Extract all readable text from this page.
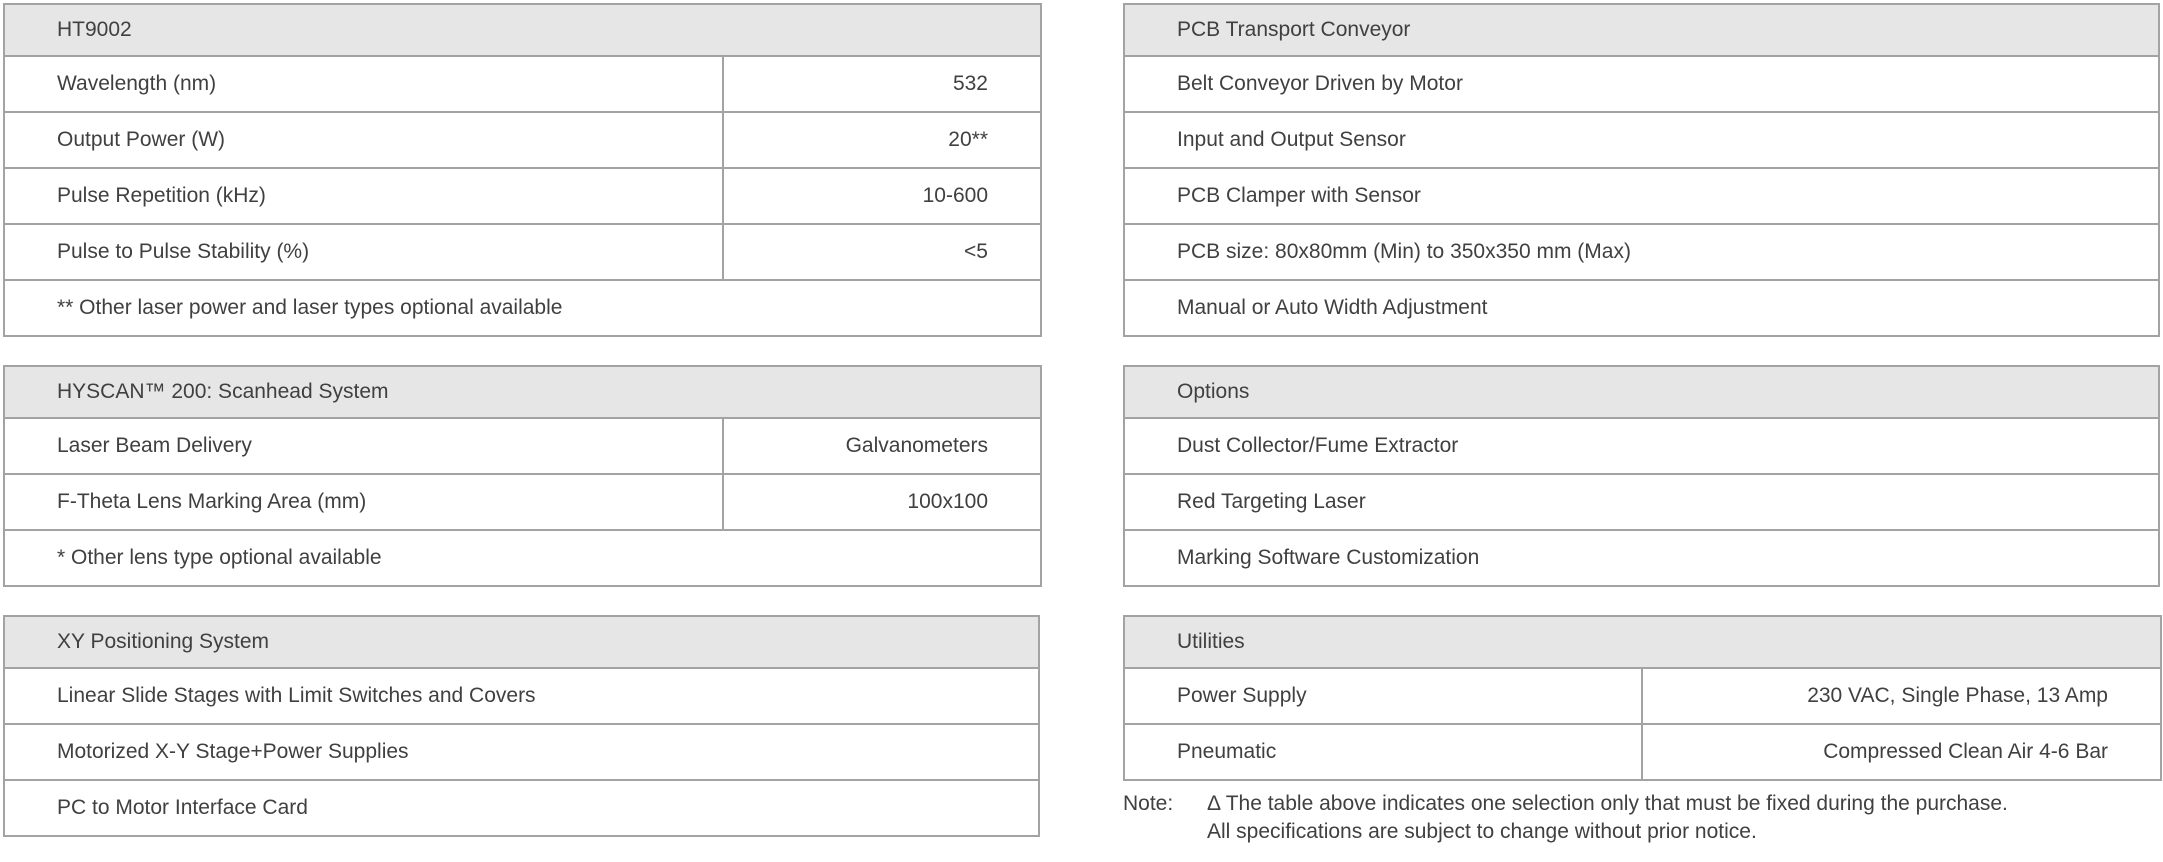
HT9002	
Wavelength (nm)	532
Output Power (W)	20**
Pulse Repetition (kHz)	10-600
Pulse to Pulse Stability (%)	<5
** Other laser power and laser types optional available	
HYSCAN™ 200: Scanhead System	
Laser Beam Delivery	Galvanometers
F-Theta Lens Marking Area (mm)	100x100
* Other lens type optional available	
XY Positioning System
Linear Slide Stages with Limit Switches and Covers
Motorized X-Y Stage+Power Supplies
PC to Motor Interface Card
PCB Transport Conveyor
Belt Conveyor Driven by Motor
Input and Output Sensor
PCB Clamper with Sensor
PCB size: 80x80mm (Min) to 350x350 mm (Max)
Manual or Auto Width Adjustment
Options
Dust Collector/Fume Extractor
Red Targeting Laser
Marking Software Customization
Utilities	
Power Supply	230 VAC, Single Phase, 13 Amp
Pneumatic	Compressed Clean Air 4-6 Bar
Note:	Δ The table above indicates one selection only that must be fixed during the purchase.
All specifications are subject to change without prior notice.
